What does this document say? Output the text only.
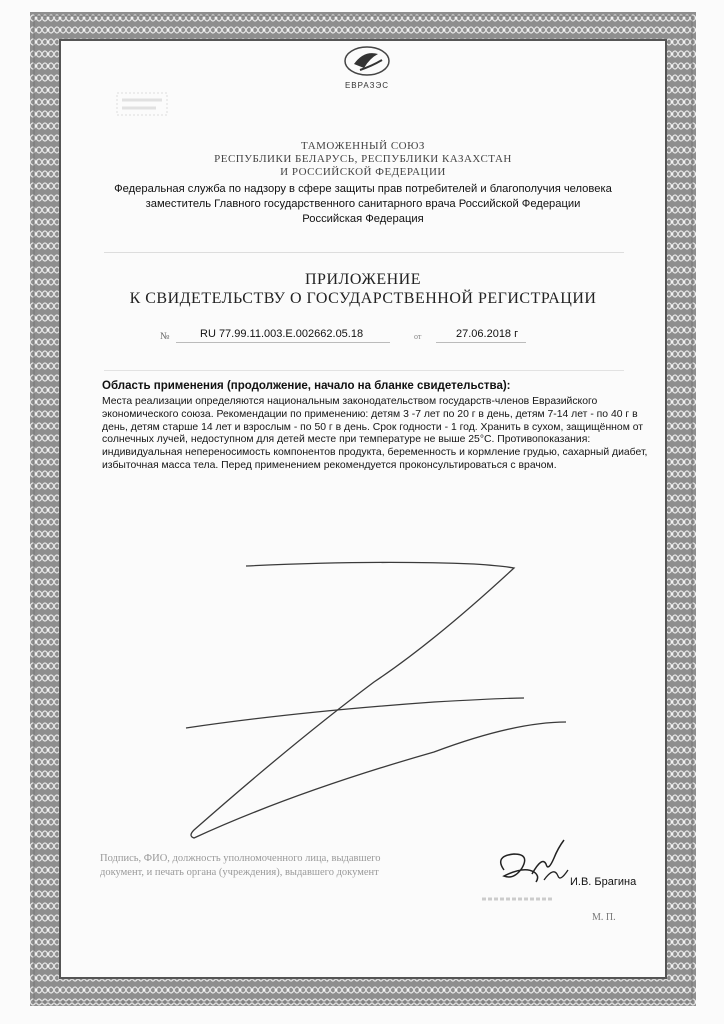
ЕВРАЗЭС
ТАМОЖЕННЫЙ СОЮЗ
РЕСПУБЛИКИ БЕЛАРУСЬ, РЕСПУБЛИКИ КАЗАХСТАН
И РОССИЙСКОЙ ФЕДЕРАЦИИ
Федеральная служба по надзору в сфере защиты прав потребителей и благополучия человека
заместитель Главного государственного санитарного врача Российской Федерации
Российская Федерация
ПРИЛОЖЕНИЕ
К СВИДЕТЕЛЬСТВУ О ГОСУДАРСТВЕННОЙ РЕГИСТРАЦИИ
№	RU 77.99.11.003.Е.002662.05.18	от	27.06.2018 г
Область применения (продолжение, начало на бланке свидетельства):
Места реализации определяются национальным законодательством государств-членов Евразийского экономического союза. Рекомендации по применению: детям 3 -7 лет по 20 г в день, детям 7-14 лет - по 40 г в день, детям старше 14 лет и взрослым - по 50 г в день. Срок годности - 1 год. Хранить в сухом, защищённом от солнечных лучей, недоступном для детей месте при температуре не выше 25°С. Противопоказания: индивидуальная непереносимость компонентов продукта, беременность и кормление грудью, сахарный диабет, избыточная масса тела. Перед применением рекомендуется проконсультироваться с врачом.
Подпись, ФИО, должность уполномоченного лица, выдавшего документ, и печать органа (учреждения), выдавшего документ
И.В. Брагина
М. П.
